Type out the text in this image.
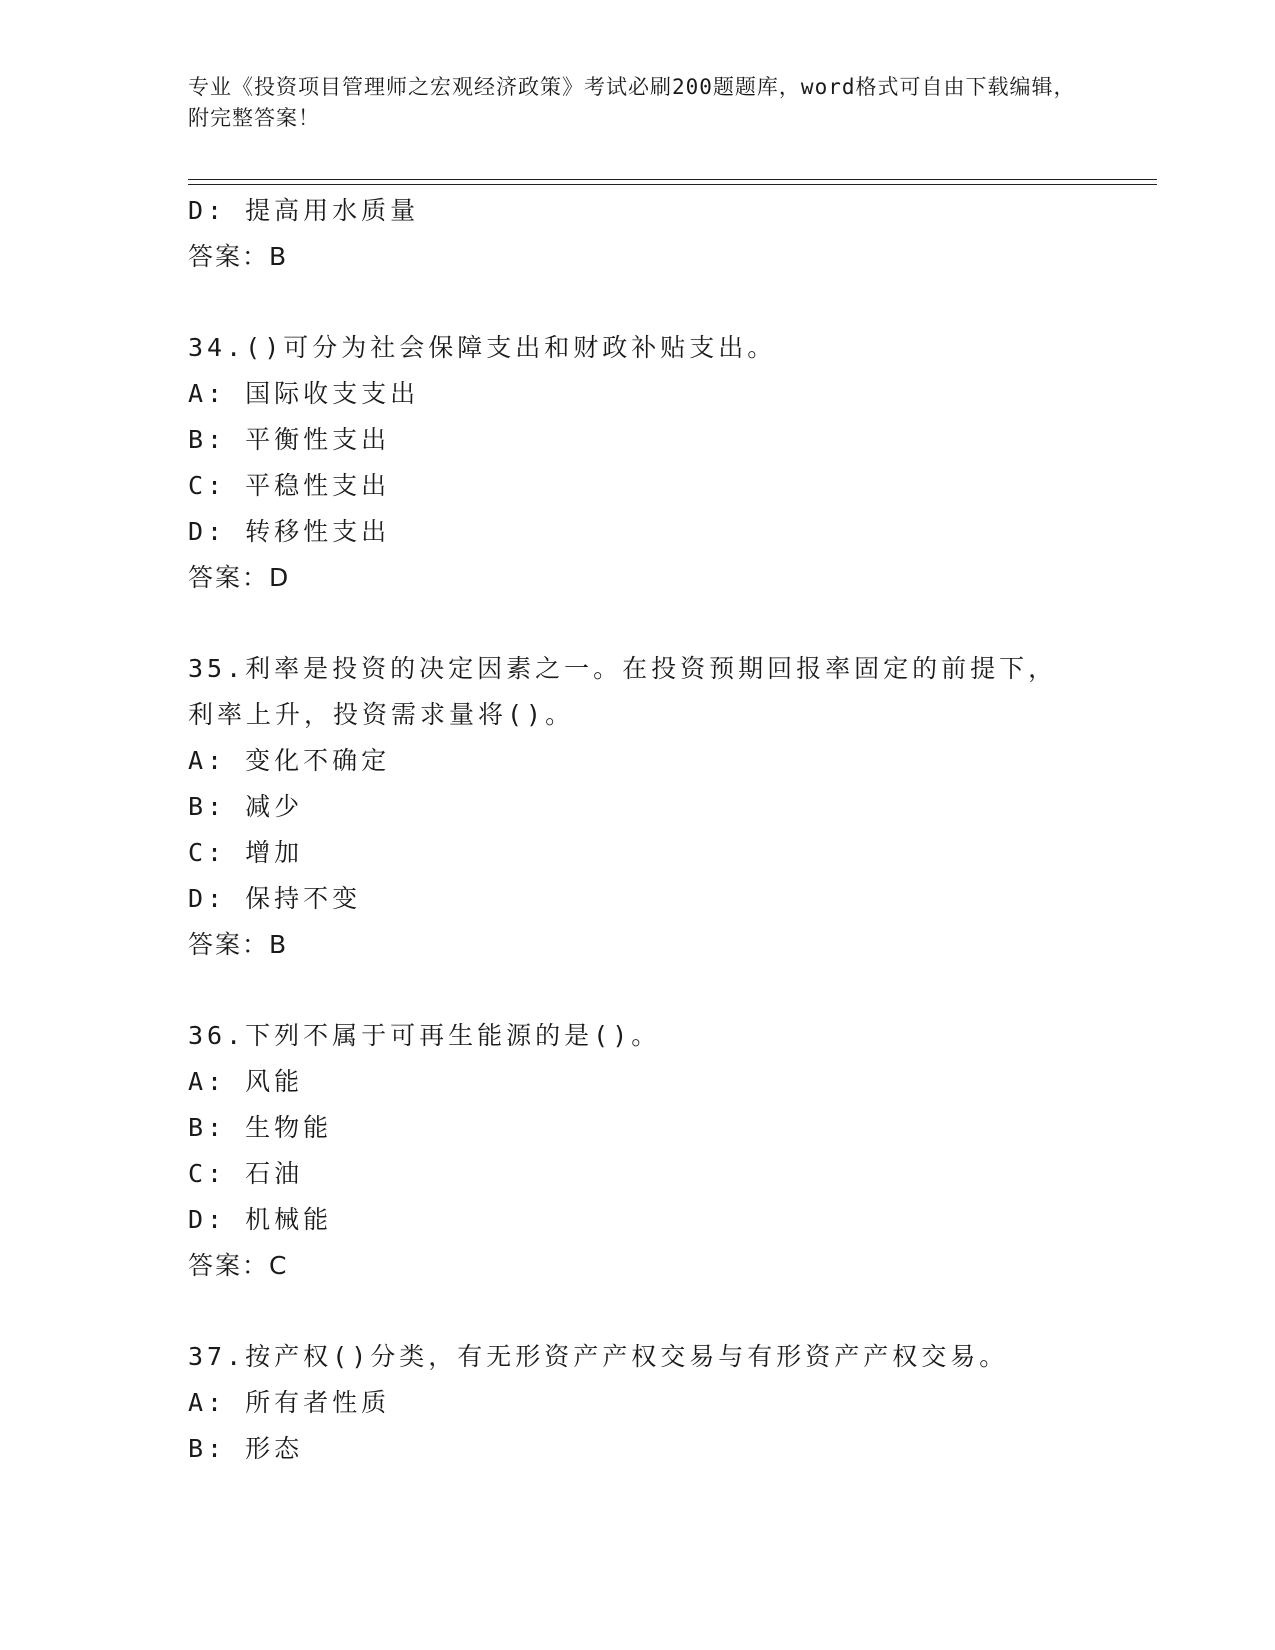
专业《投资项目管理师之宏观经济政策》考试必刷200题题库，word格式可自由下载编辑，附完整答案！
D: 提高用水质量
答案：B
34.()可分为社会保障支出和财政补贴支出。
A: 国际收支支出
B: 平衡性支出
C: 平稳性支出
D: 转移性支出
答案：D
35.利率是投资的决定因素之一。在投资预期回报率固定的前提下，利率上升，投资需求量将()。
A: 变化不确定
B: 减少
C: 增加
D: 保持不变
答案：B
36.下列不属于可再生能源的是()。
A: 风能
B: 生物能
C: 石油
D: 机械能
答案：C
37.按产权()分类，有无形资产产权交易与有形资产产权交易。
A: 所有者性质
B: 形态
